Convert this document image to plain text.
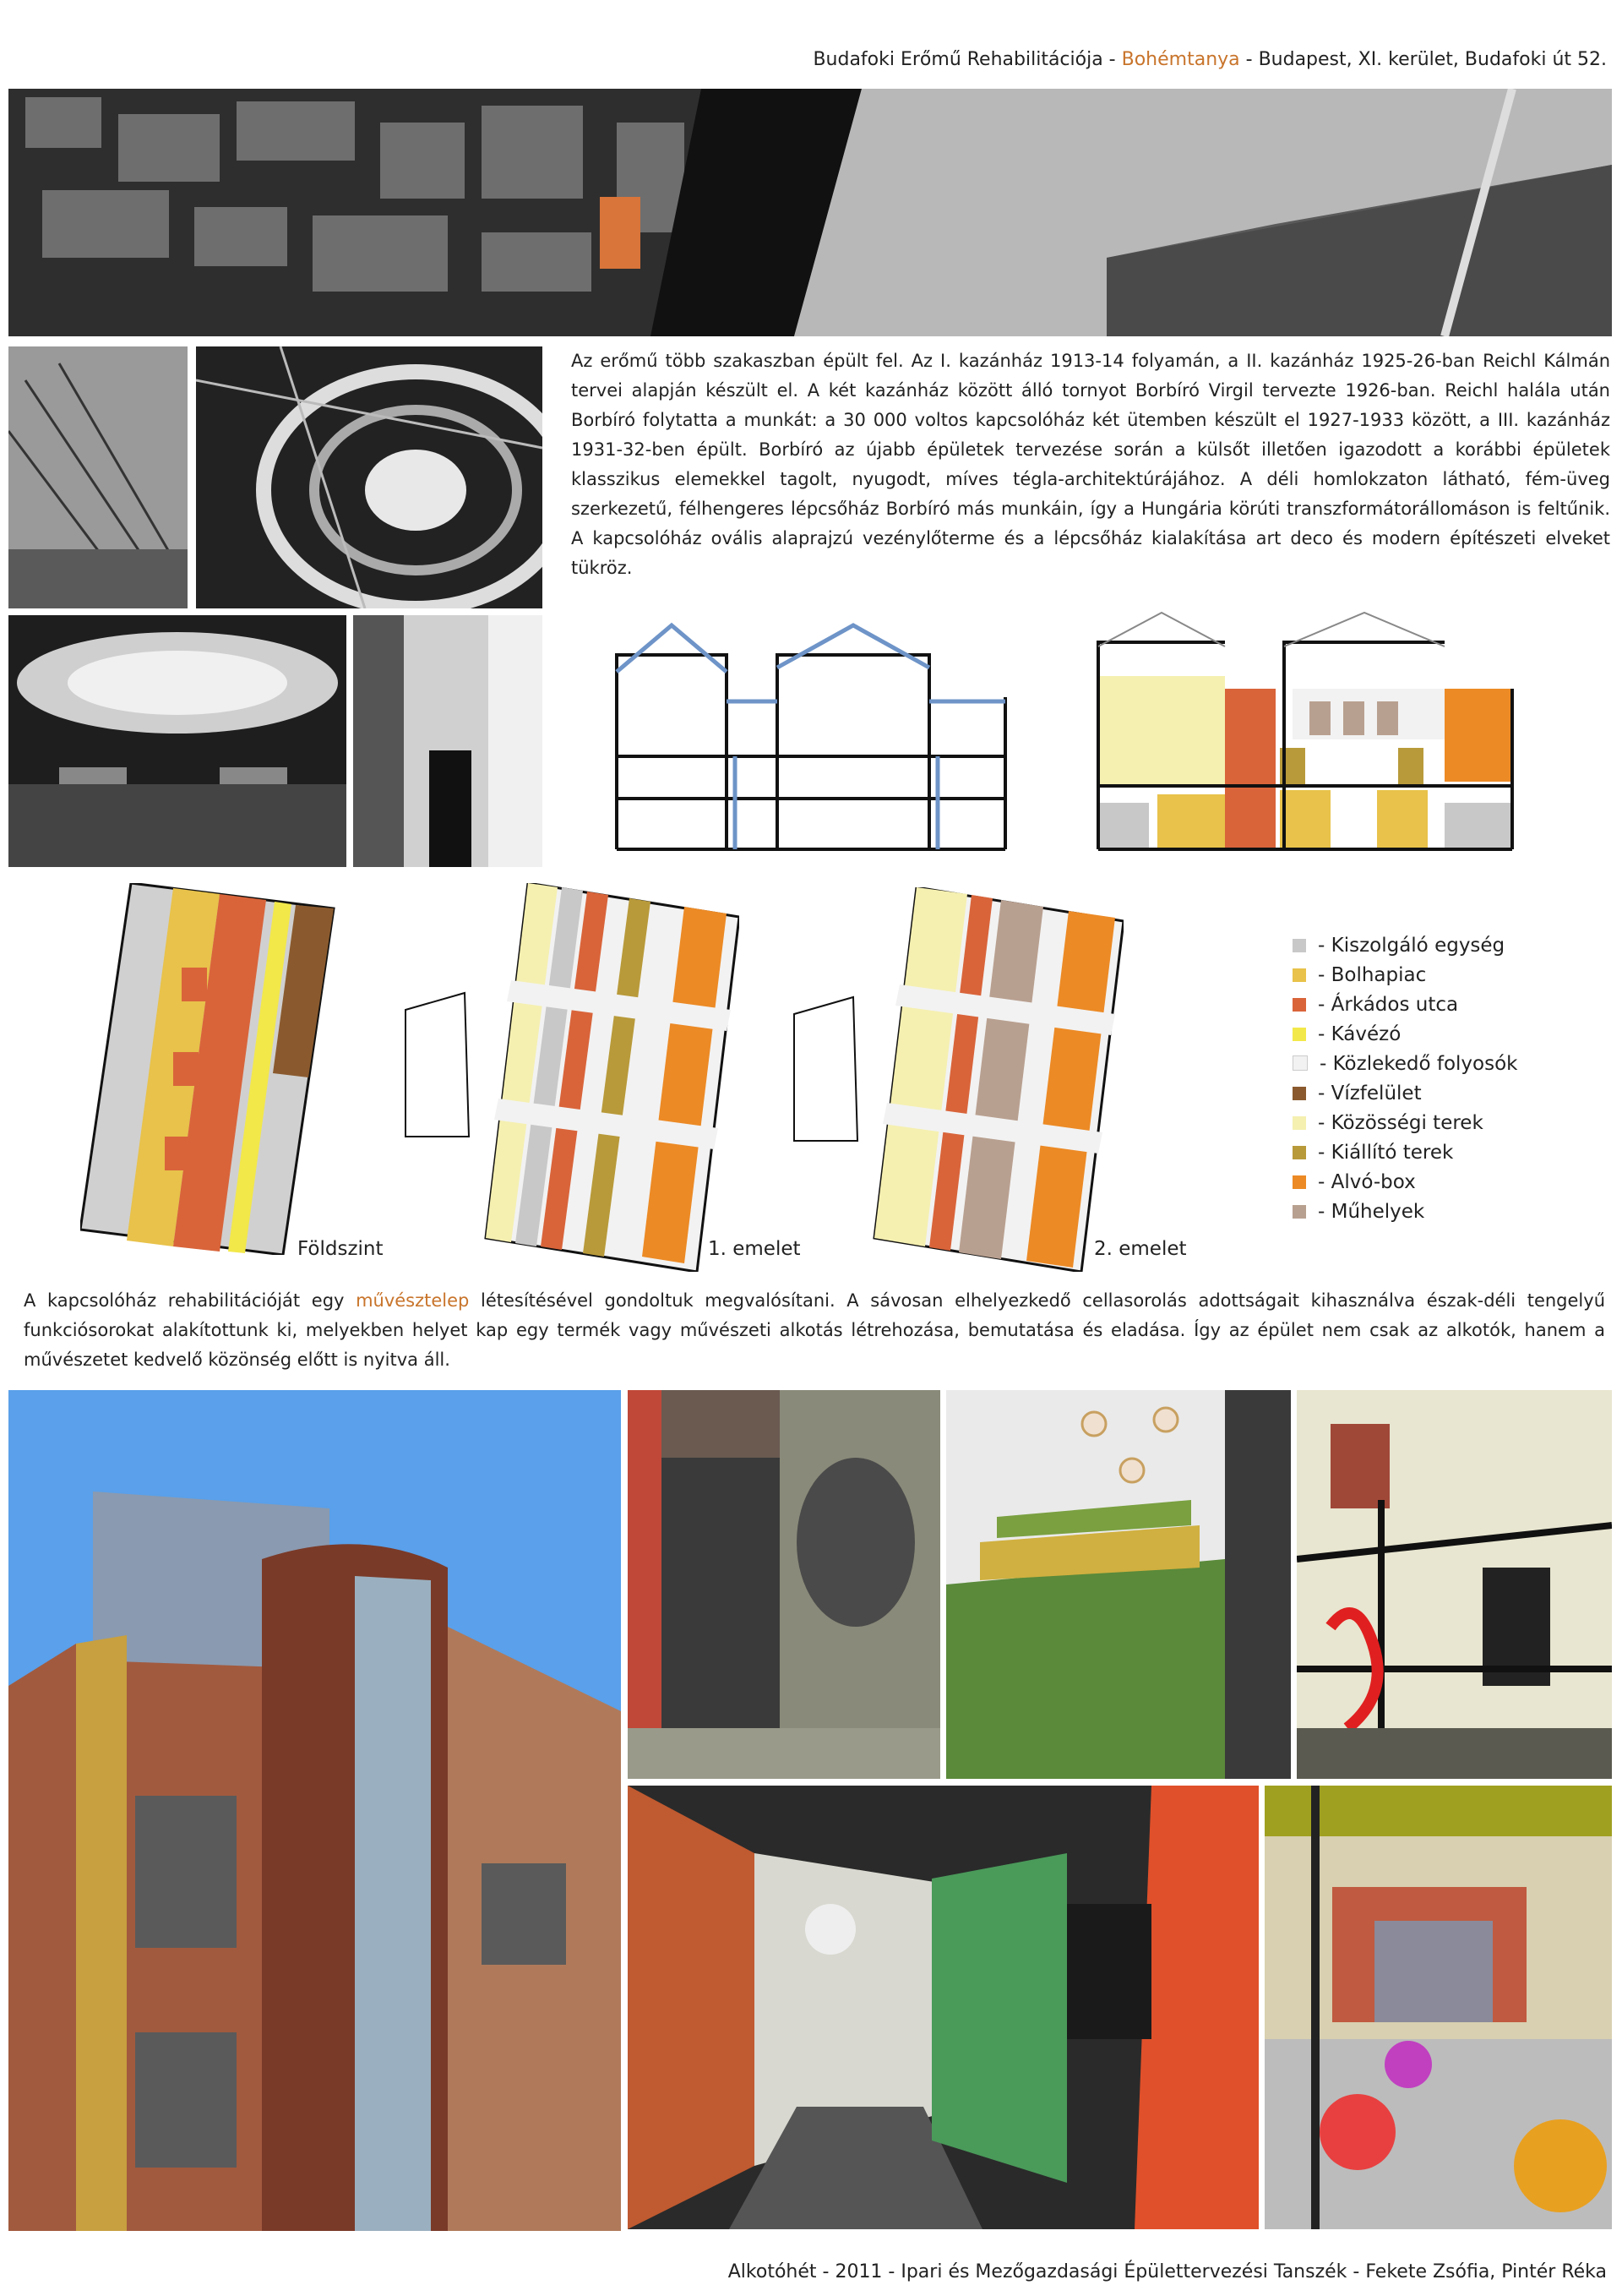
Budafoki Erőmű Rehabilitációja - Bohémtanya - Budapest, XI. kerület, Budafoki út 52.
Az erőmű több szakaszban épült fel. Az I. kazánház 1913-14 folyamán, a II. kazánház 1925-26-ban Reichl Kálmán tervei alapján készült el. A két kazánház között álló tornyot Borbíró Virgil tervezte 1926-ban. Reichl halála után Borbíró folytatta a munkát: a 30 000 voltos kapcsolóház két ütemben készült el 1927-1933 között, a III. kazánház 1931-32-ben épült. Borbíró az újabb épületek tervezése során a külsőt illetően igazodott a korábbi épületek klasszikus elemekkel tagolt, nyugodt, míves tégla-architektúrájához. A déli homlokzaton látható, fém-üveg szerkezetű, félhengeres lépcsőház Borbíró más munkáin, így a Hungária körúti transzformátorállomáson is feltűnik. A kapcsolóház ovális alaprajzú vezénylőterme és a lépcsőház kialakítása art deco és modern építészeti elveket tükröz.
Földszint	1. emelet	2. emelet
- Kiszolgáló egység
- Bolhapiac
- Árkádos utca
- Kávézó
- Közlekedő folyosók
- Vízfelület
- Közösségi terek
- Kiállító terek
- Alvó-box
- Műhelyek
A kapcsolóház rehabilitációját egy művésztelep létesítésével gondoltuk megvalósítani. A sávosan elhelyezkedő cellasorolás adottságait kihasználva észak-déli tengelyű funkciósorokat alakítottunk ki, melyekben helyet kap egy termék vagy művészeti alkotás létrehozása, bemutatása és eladása. Így az épület nem csak az alkotók, hanem a művészetet kedvelő közönség előtt is nyitva áll.
Alkotóhét - 2011 - Ipari és Mezőgazdasági Épülettervezési Tanszék - Fekete Zsófia, Pintér Réka
